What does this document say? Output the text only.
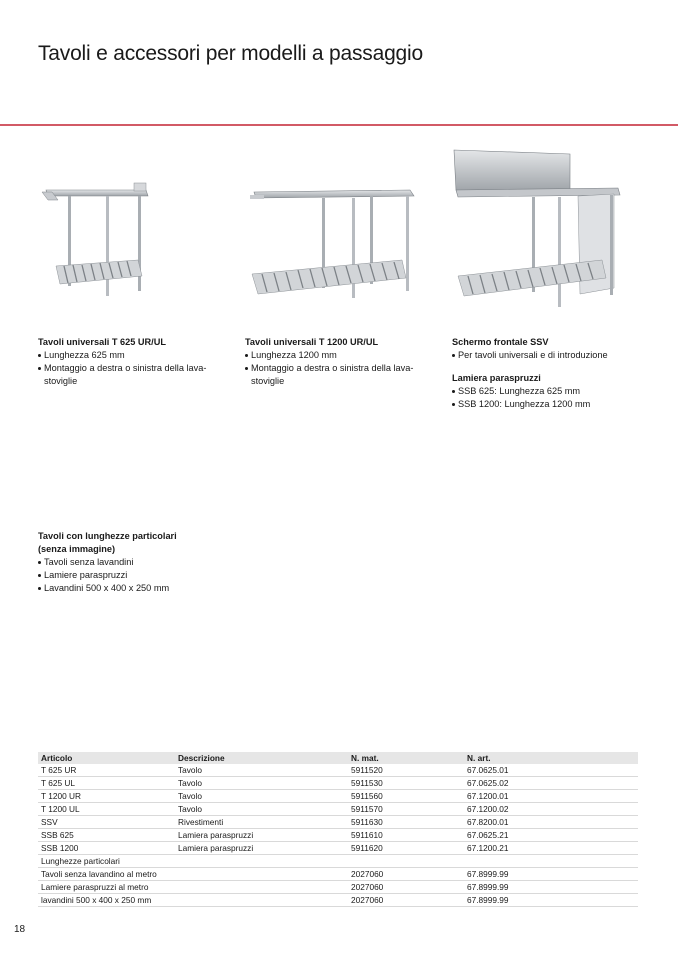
Tavoli e accessori per modelli a passaggio
Tavoli universali T 625 UR/UL
Lunghezza 625 mm
Montaggio a destra o sinistra della lava-stoviglie
Tavoli universali T 1200 UR/UL
Lunghezza 1200 mm
Montaggio a destra o sinistra della lava-stoviglie
Schermo frontale SSV
Per tavoli universali e di introduzione
Lamiera paraspruzzi
SSB 625: Lunghezza 625 mm
SSB 1200: Lunghezza 1200 mm
Tavoli con lunghezze particolari
(senza immagine)
Tavoli senza lavandini
Lamiere paraspruzzi
Lavandini 500 x 400 x 250 mm
Articolo	Descrizione	N. mat.	N. art.
T 625 UR	Tavolo	5911520	67.0625.01
T 625 UL	Tavolo	5911530	67.0625.02
T 1200 UR	Tavolo	5911560	67.1200.01
T 1200 UL	Tavolo	5911570	67.1200.02
SSV	Rivestimenti	5911630	67.8200.01
SSB 625	Lamiera paraspruzzi	5911610	67.0625.21
SSB 1200	Lamiera paraspruzzi	5911620	67.1200.21
Lunghezze particolari			
Tavoli senza lavandino al metro		2027060	67.8999.99
Lamiere paraspruzzi al metro		2027060	67.8999.99
lavandini 500 x 400 x 250 mm		2027060	67.8999.99
18
